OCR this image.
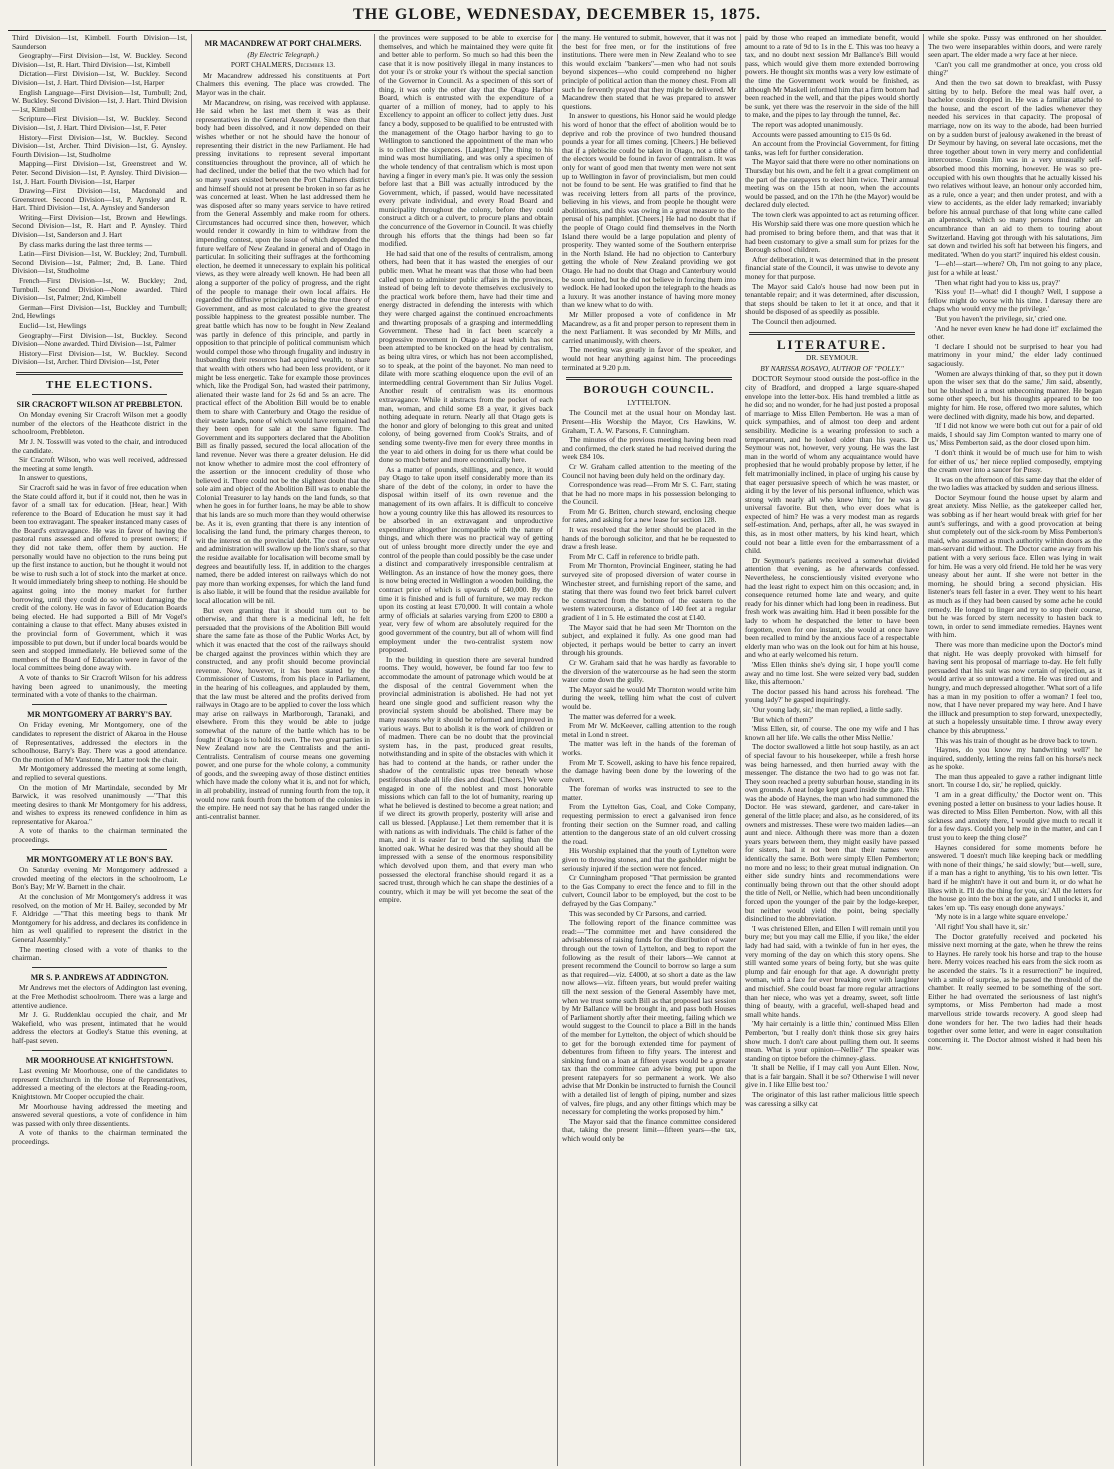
THE GLOBE, WEDNESDAY, DECEMBER 15, 1875.

Third Division—1st, Kimbell. Fourth Division—1st, Saunderson

Geography—First Division—1st, W. Buckley. Second Division—1st, R. Hart. Third Division—1st, Kimbell

Dictation—First Division—1st, W. Buckley. Second Division—1st, J. Hart. Third Division—1st, Harper

English Language—First Division—1st, Turnbull; 2nd, W. Buckley. Second Division—1st, J. Hart. Third Division—1st, Kimbell

Scripture—First Division—1st, W. Buckley. Second Division—1st, J. Hart. Third Division—1st, F. Peter

History—First Division—1st, W. Buckley. Second Division—1st, Archer. Third Division—1st, G. Aynsley. Fourth Division—1st, Studholme

Mapping—First Division—1st, Greenstreet and W. Peter. Second Division—1st, P. Aynsley. Third Division—1st, J. Hart. Fourth Division—1st, Harper

Drawing—First Division—1st, Macdonald and Greenstreet. Second Division—1st, P. Aynsley and R. Hart. Third Division—1st, A. Aynsley and Sanderson

Writing—First Division—1st, Brown and Hewlings. Second Division—1st, R. Hart and P. Aynsley. Third Division—1st, Sanderson and J. Hart

By class marks during the last three terms —

Latin—First Division—1st, W. Buckley; 2nd, Turnbull. Second Division—1st, Palmer; 2nd, B. Lane. Third Division—1st, Studholme

French—First Division—1st, W. Buckley; 2nd, Turnbull. Second Division—None awarded. Third Division—1st, Palmer; 2nd, Kimbell

German—First Division—1st, Buckley and Turnbull; 2nd, Hewlings

Euclid—1st, Hewlings

Geography—First Division—1st, Buckley. Second Division—None awarded. Third Division—1st, Palmer

History—First Division—1st, W. Buckley. Second Division—1st, Archer. Third Division—1st, Peter

THE ELECTIONS.
SIR CRACROFT WILSON AT PREBBLETON.

On Monday evening Sir Cracroft Wilson met a goodly number of the electors of the Heathcote district in the schoolroom, Prebbleton.

Mr J. N. Tosswill was voted to the chair, and introduced the candidate.

Sir Cracroft Wilson, who was well received, addressed the meeting at some length.

In answer to questions,

Sir Cracroft said he was in favor of free education when the State could afford it, but if it could not, then he was in favor of a small tax for education. [Hear, hear.] With reference to the Board of Education he must say it had been too extravagant. The speaker instanced many cases of the Board's extravagance. He was in favor of having the pastoral runs assessed and offered to present owners; if they did not take them, offer them by auction. He personally would have no objection to the runs being put up the first instance to auction, but he thought it would not be wise to rush such a lot of stock into the market at once. It would immediately bring sheep to nothing. He should be against going into the money market for further borrowing, until they could do so without damaging the credit of the colony. He was in favor of Education Boards being elected. He had supported a Bill of Mr Vogel's containing a clause to that effect. Many abuses existed in the provincial form of Government, which it was impossible to put down, but if under local boards would be seen and stopped immediately. He believed some of the members of the Board of Education were in favor of the local committees being done away with.

A vote of thanks to Sir Cracroft Wilson for his address having been agreed to unanimously, the meeting terminated with a vote of thanks to the chairman.

MR MONTGOMERY AT BARRY'S BAY.

On Friday evening, Mr Montgomery, one of the candidates to represent the district of Akaroa in the House of Representatives, addressed the electors in the schoolhouse, Barry's Bay. There was a good attendance. On the motion of Mr Vanstone, Mr Latter took the chair.

Mr Montgomery addressed the meeting at some length, and replied to several questions.

On the motion of Mr Martindale, seconded by Mr Barwick, it was resolved unanimously —"That this meeting desires to thank Mr Montgomery for his address, and wishes to express its renewed confidence in him as representative for Akaroa."

A vote of thanks to the chairman terminated the proceedings.

MR MONTGOMERY AT LE BON'S BAY.

On Saturday evening Mr Montgomery addressed a crowded meeting of the electors in the schoolroom, Le Bon's Bay; Mr W. Barnett in the chair.

At the conclusion of Mr Montgomery's address it was resolved, on the motion of Mr H. Bailey, seconded by Mr F. Aldridge —"That this meeting begs to thank Mr Montgomery for his address, and declares its confidence in him as well qualified to represent the district in the General Assembly."

The meeting closed with a vote of thanks to the chairman.

MR S. P. ANDREWS AT ADDINGTON.

Mr Andrews met the electors of Addington last evening, at the Free Methodist schoolroom. There was a large and attentive audience.

Mr J. G. Ruddenklau occupied the chair, and Mr Wakefield, who was present, intimated that he would address the electors at Godley's Statue this evening, at half-past seven.

MR MOORHOUSE AT KNIGHTSTOWN.

Last evening Mr Moorhouse, one of the candidates to represent Christchurch in the House of Representatives, addressed a meeting of the electors at the Reading-room, Knightstown. Mr Cooper occupied the chair.

Mr Moorhouse having addressed the meeting and answered several questions, a vote of confidence in him was passed with only three dissentients.

A vote of thanks to the chairman terminated the proceedings.

MR MACANDREW AT PORT CHALMERS.
(By Electric Telegraph.)
PORT CHALMERS, December 13.

Mr Macandrew addressed his constituents at Port Chalmers this evening. The place was crowded. The Mayor was in the chair.

Mr Macandrew, on rising, was received with applause. He said when he last met them it was as their representatives in the General Assembly. Since then that body had been dissolved, and it now depended on their wishes whether or not he should have the honour of representing their district in the new Parliament. He had pressing invitations to represent several important constituencies throughout the province, all of which he had declined, under the belief that the two which had for so many years existed between the Port Chalmers district and himself should not at present be broken in so far as he was concerned at least. When he last addressed them he was disposed after so many years service to have retired from the General Assembly and make room for others. Circumstances had occurred since then, however, which would render it cowardly in him to withdraw from the impending contest, upon the issue of which depended the future welfare of New Zealand in general and of Otago in particular. In soliciting their suffrages at the forthcoming election, he deemed it unnecessary to explain his political views, as they were already well known. He had been all along a supporter of the policy of progress, and the right of the people to manage their own local affairs. He regarded the diffusive principle as being the true theory of Government, and as most calculated to give the greatest possible happiness to the greatest possible number. The great battle which has now to be fought in New Zealand was partly in defence of this principle, and partly in opposition to that principle of political communism which would compel those who through frugality and industry in husbanding their resources had acquired wealth, to share that wealth with others who had been less provident, or it might be less energetic. Take for example those provinces which, like the Prodigal Son, had wasted their patrimony, alienated their waste land for 2s 6d and 5s an acre. The practical effect of the Abolition Bill would be to enable them to share with Canterbury and Otago the residue of their waste lands, none of which would have remained had they been open for sale at the same figure. The Government and its supporters declared that the Abolition Bill as finally passed, secured the local allocation of the land revenue. Never was there a greater delusion. He did not know whether to admire most the cool effrontery of the assertion or the innocent credulity of those who believed it. There could not be the slightest doubt that the sole aim and object of the Abolition Bill was to enable the Colonial Treasurer to lay hands on the land funds, so that when he goes in for further loans, he may be able to show that his lands are so much more than they would otherwise be. As it is, even granting that there is any intention of localising the land fund, the primary charges thereon, to wit the interest on the provincial debt. The cost of survey and administration will swallow up the lion's share, so that the residue available for localisation will become small by degrees and beautifully less. If, in addition to the charges named, there be added interest on railways which do not pay more than working expenses, for which the land fund is also liable, it will be found that the residue available for local allocation will be nil.

But even granting that it should turn out to be otherwise, and that there is a medicinal left, he felt persuaded that the provisions of the Abolition Bill would share the same fate as those of the Public Works Act, by which it was enacted that the cost of the railways should be charged against the provinces within which they are constructed, and any profit should become provincial revenue. Now, however, it has been stated by the Commissioner of Customs, from his place in Parliament, in the hearing of his colleagues, and applauded by them, that the law must be altered and the profits derived from railways in Otago are to be applied to cover the loss which may arise on railways in Marlborough, Taranaki, and elsewhere. From this they would be able to judge somewhat of the nature of the battle which has to be fought if Otago is to hold its own. The two great parties in New Zealand now are the Centralists and the anti-Centralists. Centralism of course means one governing power, and one purse for the whole colony, a community of goods, and the sweeping away of those distinct entities which have made the colony what it is, and not for which, in all probability, instead of running fourth from the top, it would now rank fourth from the bottom of the colonies in the empire. He need not say that he has ranged under the anti-centralist banner.

the provinces were supposed to be able to exercise for themselves, and which he maintained they were quite fit and better able to perform. So much so had this been the case that it is now positively illegal in many instances to dot your i's or stroke your t's without the special sanction of the Governor in Council. As a specimen of this sort of thing, it was only the other day that the Otago Harbor Board, which is entrusted with the expenditure of a quarter of a million of money, had to apply to his Excellency to appoint an officer to collect jetty dues. Just fancy a body, supposed to be qualified to be entrusted with the management of the Otago harbor having to go to Wellington to sanctioned the appointment of the man who is to collect the sixpences. [Laughter.] The thing to his mind was most humiliating, and was only a specimen of the whole tendency of that centralism which is most upon having a finger in every man's pie. It was only the session before last that a Bill was actually introduced by the Government, which, if passed, would have necessitated every private individual, and every Road Board and municipality throughout the colony, before they could construct a ditch or a culvert, to procure plans and obtain the concurrence of the Governor in Council. It was chiefly through his efforts that the things had been so far modified.

He had said that one of the results of centralism, among others, had been that it has wasted the energies of our public men. What he meant was that those who had been called upon to administer public affairs in the provinces, instead of being left to devote themselves exclusively to the practical work before them, have had their time and energy distracted in defending the interests with which they were charged against the continued encroachments and thwarting proposals of a grasping and intermeddling Government. These had in fact been scarcely a progressive movement in Otago at least which has not been attempted to be knocked on the head by centralism, as being ultra vires, or which has not been accomplished, so to speak, at the point of the bayonet. No man need to dilate with more scathing eloquence upon the evil of an intermeddling central Government than Sir Julius Vogel. Another result of centralism was its enormous extravagance. While it abstracts from the pocket of each man, woman, and child some £8 a year, it gives back nothing adequate in return. Nearly all that Otago gets is the honor and glory of belonging to this great and united colony, of being governed from Cook's Straits, and of sending some twenty-five men for every three months in the year to aid others in doing for us there what could be done so much better and more economically here.

As a matter of pounds, shillings, and pence, it would pay Otago to take upon itself considerably more than its share of the debt of the colony, in order to have the disposal within itself of its own revenue and the management of its own affairs. It is difficult to conceive how a young country like this has allowed its resources to be absorbed in an extravagant and unproductive expenditure altogether incompatible with the nature of things, and which there was no practical way of getting out of unless brought more directly under the eye and control of the people than could possibly be the case under a distinct and comparatively irresponsible centralism at Wellington. As an instance of how the money goes, there is now being erected in Wellington a wooden building, the contract price of which is upwards of £40,000. By the time it is finished and is full of furniture, we may reckon upon its costing at least £70,000. It will contain a whole army of officials at salaries varying from £200 to £800 a year, very few of whom are absolutely required for the good government of the country, but all of whom will find employment under the two-centralist system now proposed.

In the building in question there are several hundred rooms. They would, however, be found far too few to accommodate the amount of patronage which would be at the disposal of the central Government when the provincial administration is abolished. He had not yet heard one single good and sufficient reason why the provincial system should be abolished. There may be many reasons why it should be reformed and improved in various ways. But to abolish it is the work of children or of madmen. There can be no doubt that the provincial system has, in the past, produced great results, notwithstanding and in spite of the obstacles with which it has had to contend at the hands, or rather under the shadow of the centralistic upas tree beneath whose pestiferous shade all life dies and dead. [Cheers.] We were engaged in one of the noblest and most honorable missions which can fall to the lot of humanity, rearing up what he believed is destined to become a great nation; and if we direct its growth properly, posterity will arise and call us blessed. [Applause.] Let them remember that it is with nations as with individuals. The child is father of the man, and it is easier far to bend the sapling than the knotted oak. What he desired was that they should all be impressed with a sense of the enormous responsibility which devolved upon them, and that every man who possessed the electoral franchise should regard it as a sacred trust, through which he can shape the destinies of a country, which it may be will yet become the seat of the empire.

the many. He ventured to submit, however, that it was not the best for free men, or for the institutions of free institutions. There were men in New Zealand who to see this would exclaim "bankers"—men who had not souls beyond sixpences—who could comprehend no higher principle of political action than the money chest. From all such he fervently prayed that they might be delivered. Mr Macandrew then stated that he was prepared to answer questions.

In answer to questions, his Honor said he would pledge his word of honor that the effect of abolition would be to deprive and rob the province of two hundred thousand pounds a year for all times coming. [Cheers.] He believed that if a plebiscite could be taken in Otago, not a tithe of the electors would be found in favor of centralism. It was only for want of good men that twenty men were not sent up to Wellington in favor of provincialism, but men could not be found to be sent. He was gratified to find that he was receiving letters from all parts of the province, believing in his views, and from people he thought were abolitionists, and this was owing in a great measure to the perusal of his pamphlet. [Cheers.] He had no doubt that if the people of Otago could find themselves in the North Island there would be a large population and plenty of prosperity. They wanted some of the Southern enterprise in the North Island. He had no objection to Canterbury getting the whole of New Zealand providing we got Otago. He had no doubt that Otago and Canterbury would be soon united, but he did not believe in forcing them into wedlock. He had looked upon the telegraph to the heads as a luxury. It was another instance of having more money than we knew what to do with.

Mr Miller proposed a vote of confidence in Mr Macandrew, as a fit and proper person to represent them in the next Parliament. It was seconded by Mr Mills, and carried unanimously, with cheers.

The meeting was greatly in favor of the speaker, and would not hear anything against him. The proceedings terminated at 9.20 p.m.

BOROUGH COUNCIL.
LYTTELTON.

The Council met at the usual hour on Monday last. Present—His Worship the Mayor, Crs Hawkins, W. Graham, T. A. W. Parsons, F. Cunningham.

The minutes of the previous meeting having been read and confirmed, the clerk stated he had received during the week £84 10s.

Cr W. Graham called attention to the meeting of the Council not having been duly held on the ordinary day.

Correspondence was read—From Mr S. C. Farr, stating that he had no more maps in his possession belonging to the Council.

From Mr G. Britten, church steward, enclosing cheque for rates, and asking for a new lease for section 128.

It was resolved that the letter should be placed in the hands of the borough solicitor, and that he be requested to draw a fresh lease.

From Mr C. Caff in reference to bridle path.

From Mr Thornton, Provincial Engineer, stating he had surveyed site of proposed diversion of water course in Winchester street, and furnishing report of the same, and stating that there was found two feet brick barrel culvert be constructed from the bottom of the eastern to the western watercourse, a distance of 140 feet at a regular gradient of 1 in 5. He estimated the cost at £140.

The Mayor said that he had seen Mr Thornton on the subject, and explained it fully. As one good man had objected, it perhaps would be better to carry an invert through his grounds.

Cr W. Graham said that he was hardly as favorable to the diversion of the watercourse as he had seen the storm water come down the gully.

The Mayor said he would Mr Thornton would write him during the week, telling him what the cost of culvert would be.

The matter was deferred for a week.

From Mr W. McKeever, calling attention to the rough metal in Lond n street.

The matter was left in the hands of the foreman of works.

From Mr T. Scowell, asking to have his fence repaired, the damage having been done by the lowering of the culvert.

The foreman of works was instructed to see to the matter.

From the Lyttelton Gas, Coal, and Coke Company, requesting permission to erect a galvanised iron fence fronting their section on the Sumner road, and calling attention to the dangerous state of an old culvert crossing the road.

His Worship explained that the youth of Lyttelton were given to throwing stones, and that the gasholder might be seriously injured if the section were not fenced.

Cr Cunningham proposed "That permission be granted to the Gas Company to erect the fence and to fill in the culvert, Council labor to be employed, but the cost to be defrayed by the Gas Company."

This was seconded by Cr Parsons, and carried.

The following report of the finance committee was read:—"The committee met and have considered the advisableness of raising funds for the distribution of water through out the town of Lyttelton, and beg to report the following as the result of their labors—We cannot at present recommend the Council to borrow so large a sum as that required—viz. £4000, at so short a date as the law now allows—viz. fifteen years, but would prefer waiting till the next session of the General Assembly have met, when we trust some such Bill as that proposed last session by Mr Ballance will be brought in, and pass both Houses of Parliament shortly after their meeting, failing which we would suggest to the Council to place a Bill in the hands of the member for Lyttelton, the object of which should be to get for the borough extended time for payment of debentures from fifteen to fifty years. The interest and sinking fund on a loan at fifteen years would be a greater tax than the committee can advise being put upon the present ratepayers for so permanent a work. We also advise that Mr Donkin be instructed to furnish the Council with a detailed list of length of piping, number and sizes of valves, fire plugs, and any other fittings which may be necessary for completing the works proposed by him."

The Mayor said that the finance committee considered that, taking the present limit—fifteen years—the tax, which would only be

paid by those who reaped an immediate benefit, would amount to a rate of 9d to 1s in the £. This was too heavy a tax, and no doubt next session Mr Ballance's Bill would pass, which would give them more extended borrowing powers. He thought six months was a very low estimate of the time the Government work would be finished, as although Mr Maskell informed him that a firm bottom had been reached in the well, and that the pipes would shortly be sunk, yet there was the reservoir in the side of the hill to make, and the pipes to lay through the tunnel, &c.

The report was adopted unanimously.

Accounts were passed amounting to £15 0s 6d.

An account from the Provincial Government, for fitting tanks, was left for further consideration.

The Mayor said that there were no other nominations on Thursday but his own, and he felt it a great compliment on the part of the ratepayers to elect him twice. Their annual meeting was on the 15th at noon, when the accounts would be passed, and on the 17th he (the Mayor) would be declared duly elected.

The town clerk was appointed to act as returning officer.

His Worship said there was one more question which he had promised to bring before them, and that was that it had been customary to give a small sum for prizes for the Borough school children.

After deliberation, it was determined that in the present financial state of the Council, it was unwise to devote any money for that purpose.

The Mayor said Calo's house had now been put in tenantable repair; and it was determined, after discussion, that steps should be taken to let it at once, and that it should be disposed of as speedily as possible.

The Council then adjourned.

LITERATURE.
DR. SEYMOUR.
BY NARISSA ROSAVO, AUTHOR OF "POLLY."

DOCTOR Seymour stood outside the post-office in the city of Bradford, and dropped a large square-shaped envelope into the letter-box. His hand trembled a little as he did so; and no wonder, for he had just posted a proposal of marriage to Miss Ellen Pemberton. He was a man of quick sympathies, and of almost too deep and ardent sensibility. Medicine is a wearing profession to such a temperament, and he looked older than his years. Dr Seymour was not, however, very young. He was the last man in the world of whom any acquaintance would have prophesied that he would probably propose by letter, if he felt matrimonially inclined, in place of urging his cause by that eager persuasive speech of which he was master, or aiding it by the lever of his personal influence, which was strong with nearly all who knew him; for he was a universal favorite. But then, who ever does what is expected of him? He was a very modest man as regards self-estimation. And, perhaps, after all, he was swayed in this, as in most other matters, by his kind heart, which could not bear a little even for the embarrassment of a child.

Dr Seymour's patients received a somewhat divided attention that evening, as he afterwards confessed. Nevertheless, he conscientiously visited everyone who had the least right to expect him on this occasion; and, in consequence returned home late and weary, and quite ready for his dinner which had long been in readiness. But fresh work was awaiting him. Had it been possible for the lady to whom he despatched the letter to have been forgotten, even for one instant, she would at once have been recalled to mind by the anxious face of a respectable elderly man who was on the look out for him at his house, and who at early welcomed his return.

'Miss Ellen thinks she's dying sir, I hope you'll come away and no time lost. She were seized very bad, sudden like, this afternoon.'

The doctor passed his hand across his forehead. 'The young lady?' he gasped inquiringly.

'Our young lady, sir,' the man replied, a little sadly.

'But which of them?'

'Miss Ellen, sir, of course. The one my wife and I has known all her life. We calls the other Miss Nellie.'

The doctor swallowed a little hot soup hastily, as an act of special favour to his housekeeper, while a fresh horse was being harnessed, and then hurried away with the messenger. The distance the two had to go was not far. They soon reached a pretty suburban house, standing in its own grounds. A neat lodge kept guard inside the gate. This was the abode of Haynes, the man who had summoned the Doctor. He was steward, gardener, and care-taker in general of the little place; and also, as he considered, of its owners and mistresses. These were two maiden ladies—an aunt and niece. Although there was more than a dozen years years between them, they might easily have passed for sisters, had it not been that their names were identically the same. Both were simply Ellen Pemberton; no more and no less; to their great mutual indignation. On either side sundry hints and recommendations were continually being thrown out that the other should adopt the title of Nell, or Nellie, which had been unconditionally forced upon the younger of the pair by the lodge-keeper, but neither would yield the point, being specially disinclined to the abbreviation.

'I was christened Ellen, and Ellen I will remain until you bury me; but you may call me Ellie, if you like,' the elder lady had had said, with a twinkle of fun in her eyes, the very morning of the day on which this story opens. She still wanted some years of being forty, but she was quite plump and fair enough for that age. A downright pretty woman, with a face for ever breaking over with laughter and mischief. She could boast far more regular attractions than her niece, who was yet a dreamy, sweet, soft little thing of beauty, with a graceful, well-shaped head and small white hands.

'My hair certainly is a little thin,' continued Miss Ellen Pemberton, 'but I really don't think those six grey hairs show much. I don't care about pulling them out. It seems mean. What is your opinion—Nellie?' The speaker was standing on tiptoe before the chimney-glass.

'It shall be Nellie, if I may call you Aunt Ellen. Now, that is a fair bargain. Shall it be so? Otherwise I will never give in. I like Ellie best too.'

The originator of this last rather malicious little speech was caressing a silky cat

while she spoke. Pussy was enthroned on her shoulder. The two were inseparables within doors, and were rarely seen apart. The elder made a wry face at her niece.

'Can't you call me grandmother at once, you cross old thing?'

And then the two sat down to breakfast, with Pussy sitting by to help. Before the meal was half over, a bachelor cousin dropped in. He was a familiar attaché to the house, and the escort of the ladies whenever they needed his services in that capacity. The proposal of marriage, now on its way to the abode, had been hurried on by a sudden burst of jealousy awakened in the breast of Dr Seymour by having, on several late occasions, met the three together about town in very merry and confidential intercourse. Cousin Jim was in a very unusually self-absorbed mood this morning, however. He was so pre-occupied with his own thoughts that he actually kissed his two relatives without leave, an honour only accorded him, as a rule, once a year; and then under protest, and with a view to accidents, as the elder lady remarked; invariably before his annual purchase of that long white cane called an alpenstock, which so many persons find rather an encumbrance than an aid to them to touring about Switzerland. Having got through with his salutations, Jim sat down and twirled his soft hat between his fingers, and meditated. 'When do you start?' inquired his eldest cousin.

'I—eh!—start—where? Oh, I'm not going to any place, just for a while at least.'

'Then what right had you to kiss us, pray?'

'Kiss you! I!—what! did I though? Well, I suppose a fellow might do worse with his time. I daresay there are chaps who would envy me the privilege.'

'But you haven't the privilege, sir,' cried one.

'And he never even knew he had done it!' exclaimed the other.

'I declare I should not be surprised to hear you had matrimony in your mind,' the elder lady continued sagaciously.

'Women are always thinking of that, so they put it down upon the wiser sex that do the same,' Jim said, absently, but he blushed in a most unbecoming manner. He began some other speech, but his thoughts appeared to be too mighty for him. He rose, offered two more salutes, which were declined with dignity, made his bow, and departed.

'If I did not know we were both cut out for a pair of old maids, I should say Jim Compton wanted to marry one of us,' Miss Pemberton said, as the door closed upon him.

'I don't think it would be of much use for him to wish for either of us,' her niece replied composedly, emptying the cream over into a saucer for Pussy.

It was on the afternoon of this same day that the elder of the two ladies was attacked by sudden and serious illness.

Doctor Seymour found the house upset by alarm and great anxiety. Miss Nellie, as the gatekeeper called her, was sobbing as if her heart would break with grief for her aunt's sufferings, and with a good provocation at being shut completely out of the sick-room by Miss Pemberton's maid, who assumed as much authority within doors as the man-servant did without. The Doctor came away from his patient with a very serious face. Ellen was lying in wait for him. He was a very old friend. He told her he was very uneasy about her aunt. If she were not better in the morning, he should bring a second physician. His listener's tears fell faster in a ever. They went to his heart as much as if they had been caused by some ache he could remedy. He longed to linger and try to stop their course, but he was forced by stern necessity to hasten back to town, in order to send immediate remedies. Haynes went with him.

There was more than medicine upon the Doctor's mind that night. He was deeply provoked with himself for having sent his proposal of marriage to-day. He felt fully persuaded that his suit was now certain of rejection, as it would arrive at so untoward a time. He was tired out and hungry, and much depressed altogether. 'What sort of a life has a man in my position to offer a woman? I feel too, now, that I have never prepared my way here. And I have the illluck and presumption to step forward, unexpectedly, at such a hopelessly unsuitable time. I throw away every chance by this abruptness.'

This was his train of thought as he drove back to town.

'Haynes, do you know my handwriting well?' he inquired, suddenly, letting the reins fall on his horse's neck as he spoke.

The man thus appealed to gave a rather indignant little snort. 'In course I do, sir,' he replied, quickly.

'I am in a great difficulty,' the Doctor went on. 'This evening posted a letter on business to your ladies house. It was directed to Miss Ellen Pemberton. Now, with all this sickness and anxiety there, I would give much to recall it for a few days. Could you help me in the matter, and can I trust you to keep the thing close?'

Haynes considered for some moments before he answered. 'I doesn't much like keeping back or meddling with none of their things,' he said slowly; 'but—well, sure, if a man has a right to anything, 'tis to his own letter. 'Tis hard if he mightn't have it out and burn it, or do what he likes with it. I'll do the thing for you, sir.' All the letters for the house go into the box at the gate, and I unlocks it, and takes 'em up. 'Tis easy enough done anyways.'

'My note is in a large white square envelope.'

'All right! You shall have it, sir.'

The Doctor gratefully received and pocketed his missive next morning at the gate, when he threw the reins to Haynes. He rarely took his horse and trap to the house here. Merry voices reached his ears from the sick room as he ascended the stairs. 'Is it a resurrection?' he inquired, with a smile of surprise, as he passed the threshold of the chamber. It really seemed to be something of the sort. Either he had overrated the seriousness of last night's symptoms, or Miss Pemberton had made a most marvellous stride towards recovery. A good sleep had done wonders for her. The two ladies had their heads together over some letter, and were in eager consultation concerning it. The Doctor almost wished it had been his now.
